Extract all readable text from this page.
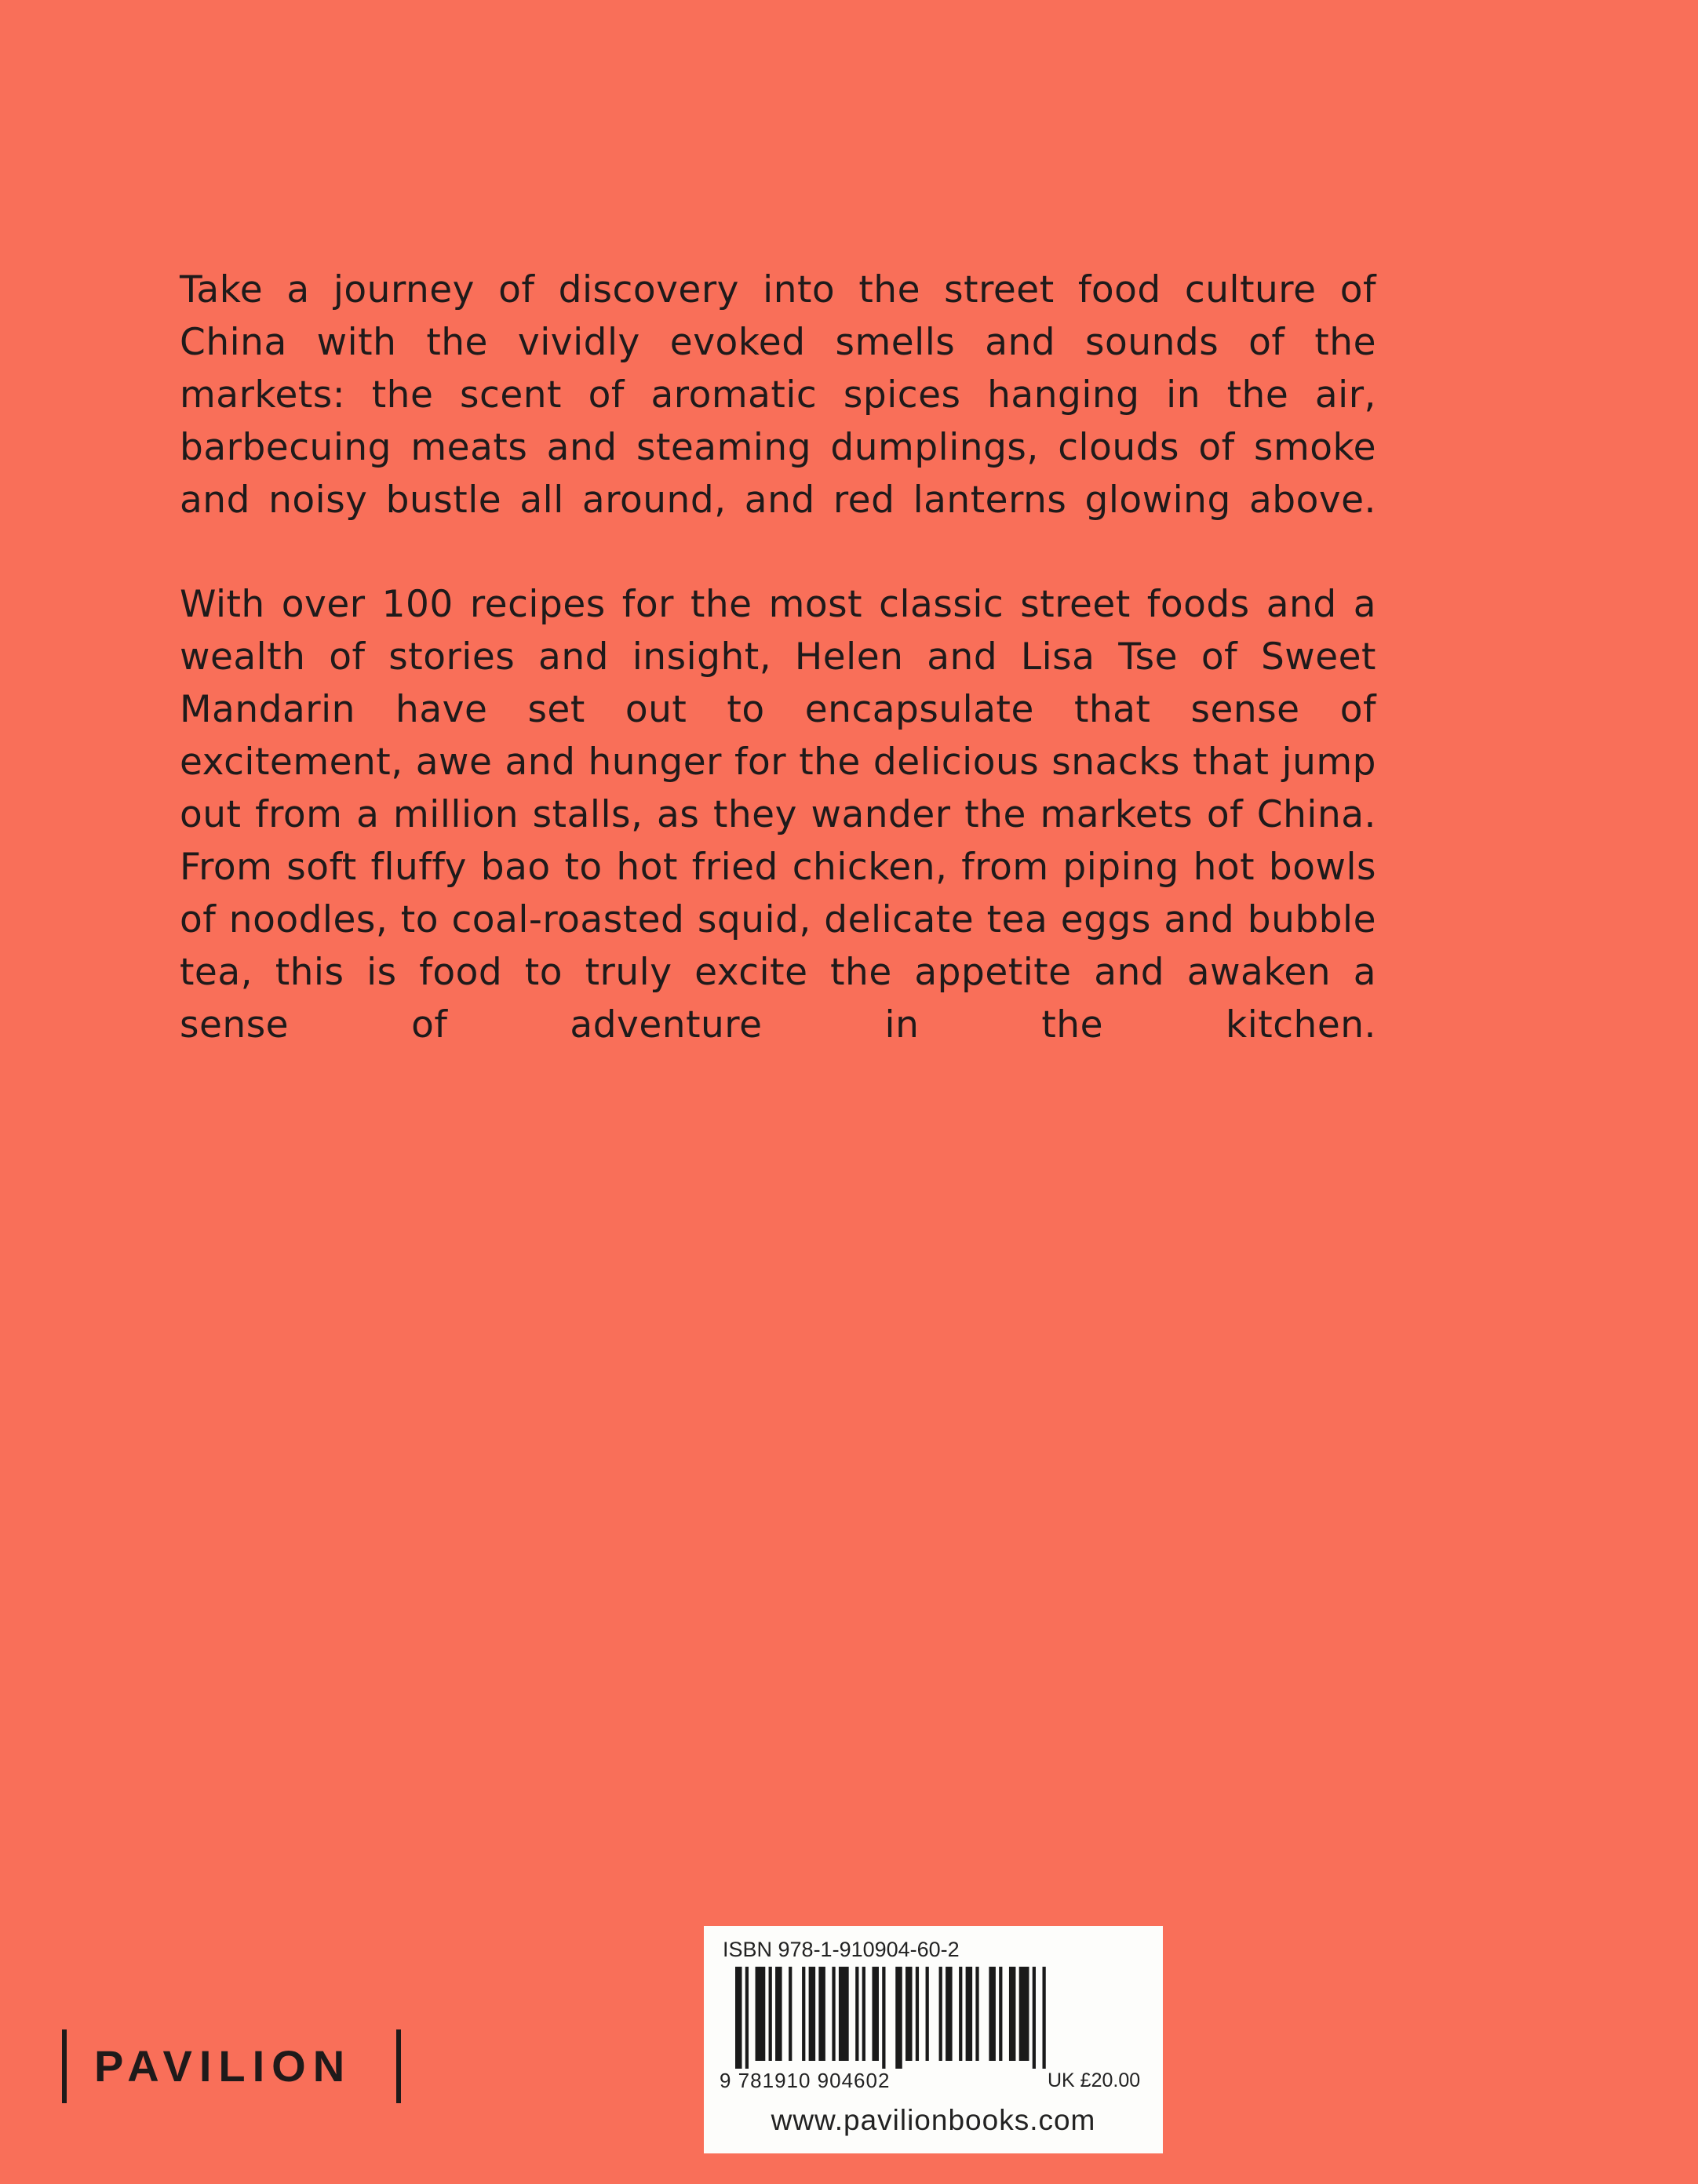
Take a journey of discovery into the street food culture of China with the vividly evoked smells and sounds of the markets: the scent of aromatic spices hanging in the air, barbecuing meats and steaming dumplings, clouds of smoke and noisy bustle all around, and red lanterns glowing above.

With over 100 recipes for the most classic street foods and a wealth of stories and insight, Helen and Lisa Tse of Sweet Mandarin have set out to encapsulate that sense of excitement, awe and hunger for the delicious snacks that jump out from a million stalls, as they wander the markets of China. From soft fluffy bao to hot fried chicken, from piping hot bowls of noodles, to coal-roasted squid, delicate tea eggs and bubble tea, this is food to truly excite the appetite and awaken a sense of adventure in the kitchen.

PAVILION
ISBN 978-1-910904-60-2
9 781910 904602	UK £20.00
www.pavilionbooks.com
